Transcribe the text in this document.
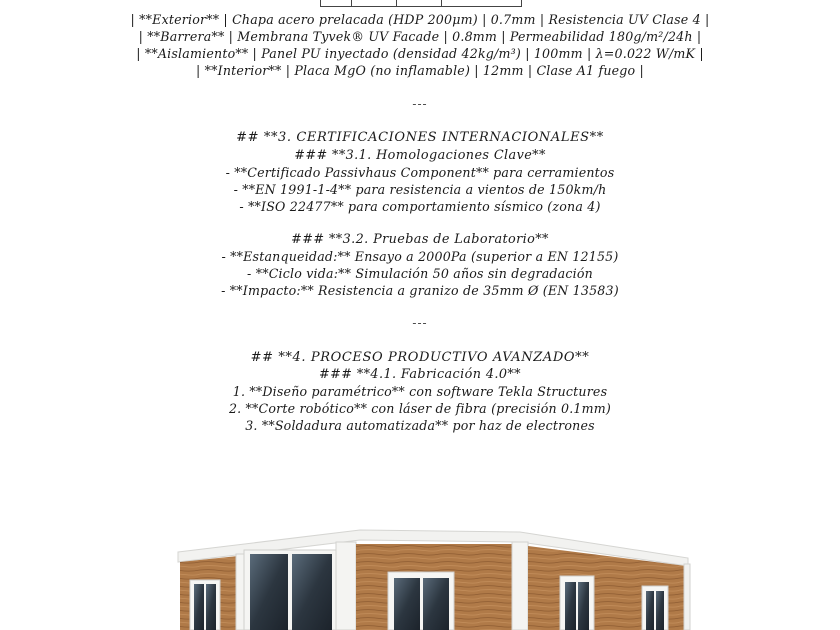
| **Exterior** | Chapa acero prelacada (HDP 200μm) | 0.7mm | Resistencia UV Clase 4 |
| **Barrera** | Membrana Tyvek® UV Facade | 0.8mm | Permeabilidad 180g/m²/24h |
| **Aislamiento** | Panel PU inyectado (densidad 42kg/m³) | 100mm | λ=0.022 W/mK |
| **Interior** | Placa MgO (no inflamable) | 12mm | Clase A1 fuego |
---
## **3. CERTIFICACIONES INTERNACIONALES**
### **3.1. Homologaciones Clave**
- **Certificado Passivhaus Component** para cerramientos
- **EN 1991-1-4** para resistencia a vientos de 150km/h
- **ISO 22477** para comportamiento sísmico (zona 4)
### **3.2. Pruebas de Laboratorio**
- **Estanqueidad:** Ensayo a 2000Pa (superior a EN 12155)
- **Ciclo vida:** Simulación 50 años sin degradación
- **Impacto:** Resistencia a granizo de 35mm Ø (EN 13583)
---
## **4. PROCESO PRODUCTIVO AVANZADO**
### **4.1. Fabricación 4.0**
1. **Diseño paramétrico** con software Tekla Structures
2. **Corte robótico** con láser de fibra (precisión 0.1mm)
3. **Soldadura automatizada** por haz de electrones
